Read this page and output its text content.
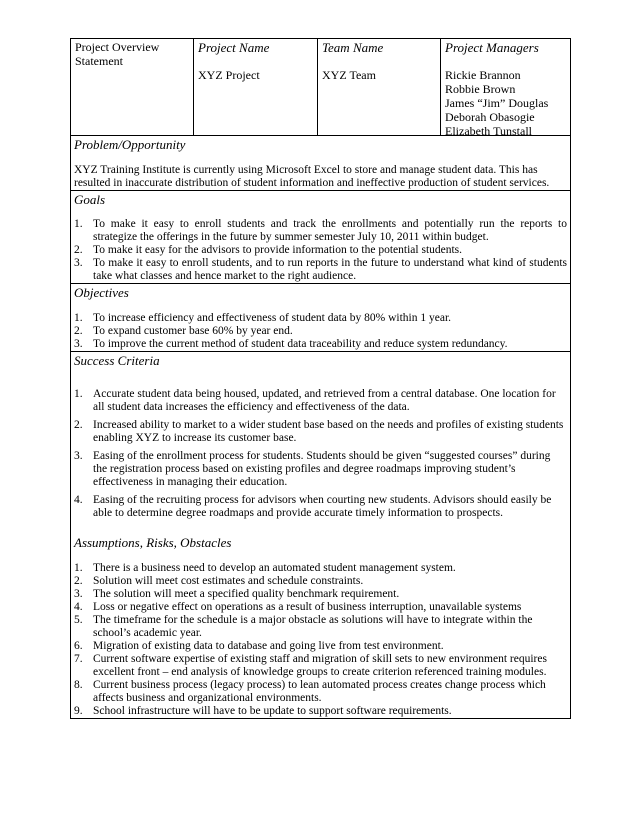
Project Overview Statement
Project Name
XYZ Project
Team Name
XYZ Team
Project Managers
Rickie Brannon
Robbie Brown
James “Jim” Douglas
Deborah Obasogie
Elizabeth Tunstall
Problem/Opportunity
XYZ Training Institute is currently using Microsoft Excel to store and manage student data. This has resulted in inaccurate distribution of student information and ineffective production of student services.
Goals
1. To make it easy to enroll students and track the enrollments and potentially run the reports to strategize the offerings in the future by summer semester July 10, 2011 within budget.
2. To make it easy for the advisors to provide information to the potential students.
3. To make it easy to enroll students, and to run reports in the future to understand what kind of students take what classes and hence market to the right audience.
Objectives
1. To increase efficiency and effectiveness of student data by 80% within 1 year.
2. To expand customer base 60% by year end.
3. To improve the current method of student data traceability and reduce system redundancy.
Success Criteria
1. Accurate student data being housed, updated, and retrieved from a central database. One location for all student data increases the efficiency and effectiveness of the data.
2. Increased ability to market to a wider student base based on the needs and profiles of existing students enabling XYZ to increase its customer base.
3. Easing of the enrollment process for students. Students should be given “suggested courses” during the registration process based on existing profiles and degree roadmaps improving student’s effectiveness in managing their education.
4. Easing of the recruiting process for advisors when courting new students. Advisors should easily be able to determine degree roadmaps and provide accurate timely information to prospects.
Assumptions, Risks, Obstacles
1. There is a business need to develop an automated student management system.
2. Solution will meet cost estimates and schedule constraints.
3. The solution will meet a specified quality benchmark requirement.
4. Loss or negative effect on operations as a result of business interruption, unavailable systems
5. The timeframe for the schedule is a major obstacle as solutions will have to integrate within the school’s academic year.
6. Migration of existing data to database and going live from test environment.
7. Current software expertise of existing staff and migration of skill sets to new environment requires excellent front – end analysis of knowledge groups to create criterion referenced training modules.
8. Current business process (legacy process) to lean automated process creates change process which affects business and organizational environments.
9. School infrastructure will have to be update to support software requirements.
